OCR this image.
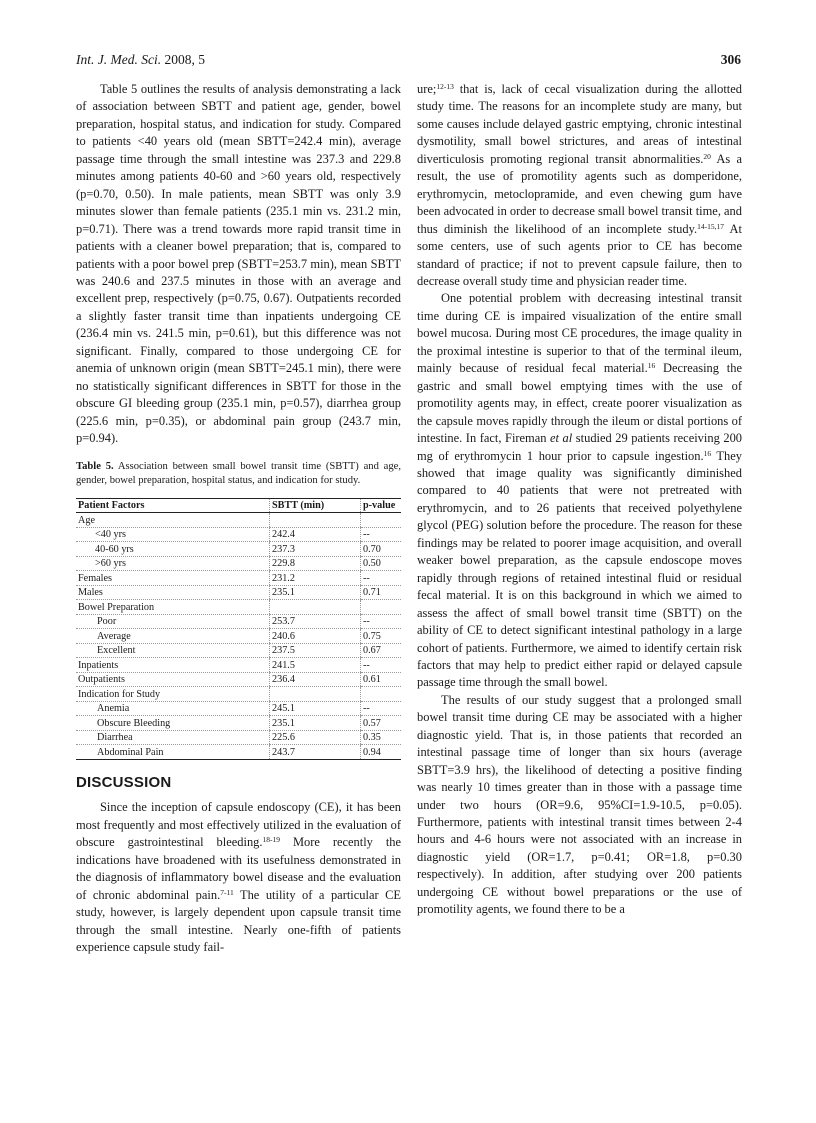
Int. J. Med. Sci. 2008, 5	306

Table 5 outlines the results of analysis demonstrating a lack of association between SBTT and patient age, gender, bowel preparation, hospital status, and indication for study. Compared to patients <40 years old (mean SBTT=242.4 min), average passage time through the small intestine was 237.3 and 229.8 minutes among patients 40-60 and >60 years old, respectively (p=0.70, 0.50). In male patients, mean SBTT was only 3.9 minutes slower than female patients (235.1 min vs. 231.2 min, p=0.71). There was a trend towards more rapid transit time in patients with a cleaner bowel preparation; that is, compared to patients with a poor bowel prep (SBTT=253.7 min), mean SBTT was 240.6 and 237.5 minutes in those with an average and excellent prep, respectively (p=0.75, 0.67). Outpatients recorded a slightly faster transit time than inpatients undergoing CE (236.4 min vs. 241.5 min, p=0.61), but this difference was not significant. Finally, compared to those undergoing CE for anemia of unknown origin (mean SBTT=245.1 min), there were no statistically significant differences in SBTT for those in the obscure GI bleeding group (235.1 min, p=0.57), diarrhea group (225.6 min, p=0.35), or abdominal pain group (243.7 min, p=0.94).

Table 5. Association between small bowel transit time (SBTT) and age, gender, bowel preparation, hospital status, and indication for study.
Patient Factors	SBTT (min)	p-value
Age		
<40 yrs	242.4	--
40-60 yrs	237.3	0.70
>60 yrs	229.8	0.50
Females	231.2	--
Males	235.1	0.71
Bowel Preparation		
Poor	253.7	--
Average	240.6	0.75
Excellent	237.5	0.67
Inpatients	241.5	--
Outpatients	236.4	0.61
Indication for Study		
Anemia	245.1	--
Obscure Bleeding	235.1	0.57
Diarrhea	225.6	0.35
Abdominal Pain	243.7	0.94
DISCUSSION

Since the inception of capsule endoscopy (CE), it has been most frequently and most effectively utilized in the evaluation of obscure gastrointestinal bleeding.$^{18-19}$ More recently the indications have broadened with its usefulness demonstrated in the diagnosis of inflammatory bowel disease and the evaluation of chronic abdominal pain.$^{7-11}$ The utility of a particular CE study, however, is largely dependent upon capsule transit time through the small intestine. Nearly one-fifth of patients experience capsule study fail-

ure;$^{12-13}$ that is, lack of cecal visualization during the allotted study time. The reasons for an incomplete study are many, but some causes include delayed gastric emptying, chronic intestinal dysmotility, small bowel strictures, and areas of intestinal diverticulosis promoting regional transit abnormalities.$^{20}$ As a result, the use of promotility agents such as domperidone, erythromycin, metoclopramide, and even chewing gum have been advocated in order to decrease small bowel transit time, and thus diminish the likelihood of an incomplete study.$^{14-15,17}$ At some centers, use of such agents prior to CE has become standard of practice; if not to prevent capsule failure, then to decrease overall study time and physician reader time.

One potential problem with decreasing intestinal transit time during CE is impaired visualization of the entire small bowel mucosa. During most CE procedures, the image quality in the proximal intestine is superior to that of the terminal ileum, mainly because of residual fecal material.$^{16}$ Decreasing the gastric and small bowel emptying times with the use of promotility agents may, in effect, create poorer visualization as the capsule moves rapidly through the ileum or distal portions of intestine. In fact, Fireman et al studied 29 patients receiving 200 mg of erythromycin 1 hour prior to capsule ingestion.$^{16}$ They showed that image quality was significantly diminished compared to 40 patients that were not pretreated with erythromycin, and to 26 patients that received polyethylene glycol (PEG) solution before the procedure. The reason for these findings may be related to poorer image acquisition, and overall weaker bowel preparation, as the capsule endoscope moves rapidly through regions of retained intestinal fluid or residual fecal material. It is on this background in which we aimed to assess the affect of small bowel transit time (SBTT) on the ability of CE to detect significant intestinal pathology in a large cohort of patients. Furthermore, we aimed to identify certain risk factors that may help to predict either rapid or delayed capsule passage time through the small bowel.

The results of our study suggest that a prolonged small bowel transit time during CE may be associated with a higher diagnostic yield. That is, in those patients that recorded an intestinal passage time of longer than six hours (average SBTT=3.9 hrs), the likelihood of detecting a positive finding was nearly 10 times greater than in those with a passage time under two hours (OR=9.6, 95%CI=1.9-10.5, p=0.05). Furthermore, patients with intestinal transit times between 2-4 hours and 4-6 hours were not associated with an increase in diagnostic yield (OR=1.7, p=0.41; OR=1.8, p=0.30 respectively). In addition, after studying over 200 patients undergoing CE without bowel preparations or the use of promotility agents, we found there to be a
